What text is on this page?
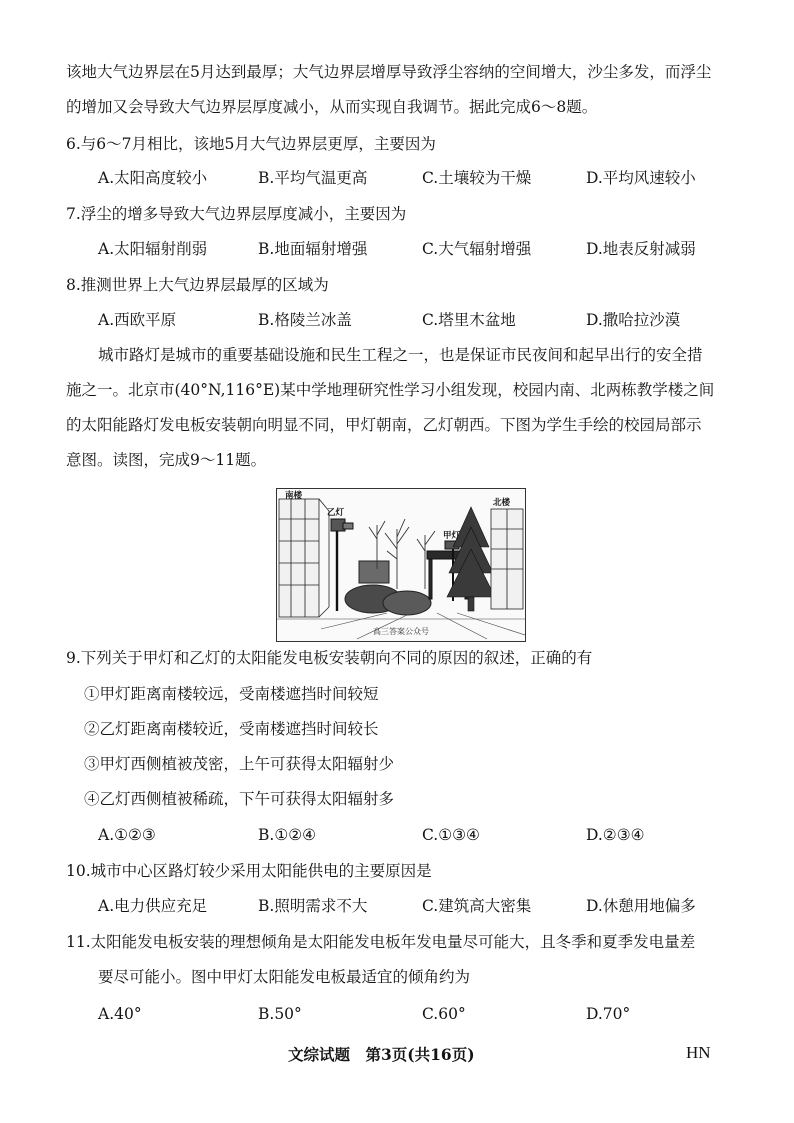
该地大气边界层在5月达到最厚；大气边界层增厚导致浮尘容纳的空间增大，沙尘多发，而浮尘
的增加又会导致大气边界层厚度减小，从而实现自我调节。据此完成6～8题。
6.与6～7月相比，该地5月大气边界层更厚，主要因为
A.太阳高度较小	B.平均气温更高	C.土壤较为干燥	D.平均风速较小
7.浮尘的增多导致大气边界层厚度减小，主要因为
A.太阳辐射削弱	B.地面辐射增强	C.大气辐射增强	D.地表反射减弱
8.推测世界上大气边界层最厚的区域为
A.西欧平原	B.格陵兰冰盖	C.塔里木盆地	D.撒哈拉沙漠
城市路灯是城市的重要基础设施和民生工程之一，也是保证市民夜间和起早出行的安全措
施之一。北京市(40°N,116°E)某中学地理研究性学习小组发现，校园内南、北两栋教学楼之间
的太阳能路灯发电板安装朝向明显不同，甲灯朝南，乙灯朝西。下图为学生手绘的校园局部示
意图。读图，完成9～11题。
南楼
乙灯
甲灯
北楼
高三答案公众号
9.下列关于甲灯和乙灯的太阳能发电板安装朝向不同的原因的叙述，正确的有
①甲灯距离南楼较远，受南楼遮挡时间较短
②乙灯距离南楼较近，受南楼遮挡时间较长
③甲灯西侧植被茂密，上午可获得太阳辐射少
④乙灯西侧植被稀疏，下午可获得太阳辐射多
A.①②③	B.①②④	C.①③④	D.②③④
10.城市中心区路灯较少采用太阳能供电的主要原因是
A.电力供应充足	B.照明需求不大	C.建筑高大密集	D.休憩用地偏多
11.太阳能发电板安装的理想倾角是太阳能发电板年发电量尽可能大，且冬季和夏季发电量差
要尽可能小。图中甲灯太阳能发电板最适宜的倾角约为
A.40°	B.50°	C.60°	D.70°
文综试题　第3页(共16页)	HN
